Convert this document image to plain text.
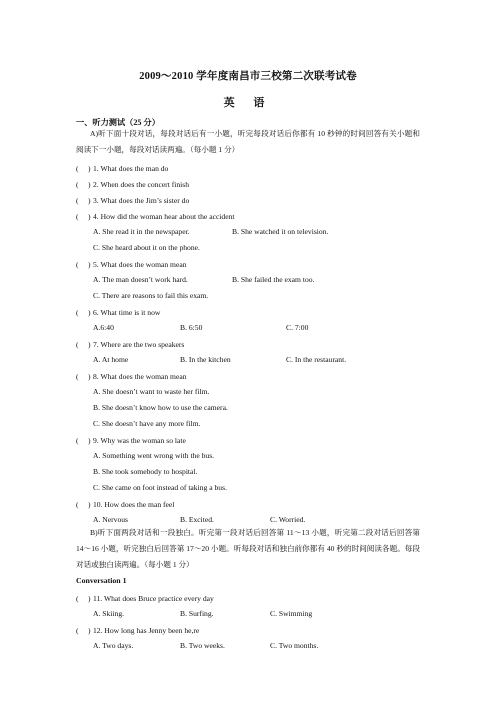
2009～2010 学年度南昌市三校第二次联考试卷
英 语
一、听力测试（25 分）
A)听下面十段对话，每段对话后有一小题，听完每段对话后你都有 10 秒钟的时间回答有关小题和阅读下一小题，每段对话读两遍。（每小题 1 分）
(　 ) 1. What does the man do
(　 ) 2. When does the concert finish
(　 ) 3. What does the Jim’s sister do
(　 ) 4. How did the woman hear about the accident
A. She read it in the newspaper.	B. She watched it on television.
C. She heard about it on the phone.
(　 ) 5. What does the woman mean
A. The man doesn’t work hard.	B. She failed the exam too.
C. There are reasons to fail this exam.
(　 ) 6. What time is it now
A.6:40	B. 6:50	C. 7:00
(　 ) 7. Where are the two speakers
A. At home	B. In the kitchen	C. In the restaurant.
(　 ) 8. What does the woman mean
A. She doesn’t want to waste her film.
B. She doesn’t know how to use the camera.
C. She doesn’t have any more film.
(　 ) 9. Why was the woman so late
A. Something went wrong with the bus.
B. She took somebody to hospital.
C. She came on foot instead of taking a bus.
(　 ) 10. How does the man feel
A. Nervous	B. Excited.	C. Worried.
B)听下面两段对话和一段独白。听完第一段对话后回答第 11～13 小题，听完第二段对话后回答第 14～16 小题，听完独白后回答第 17～20 小题。听每段对话和独白前你都有 40 秒的时间阅读各题。每段对话或独白读两遍。（每小题 1 分）
Conversation 1
(　 ) 11. What does Bruce practice every day
A. Skiing.	B. Surfing.	C. Swimming
(　 ) 12. How long has Jenny been he,re
A. Two days.	B. Two weeks.	C. Two months.
